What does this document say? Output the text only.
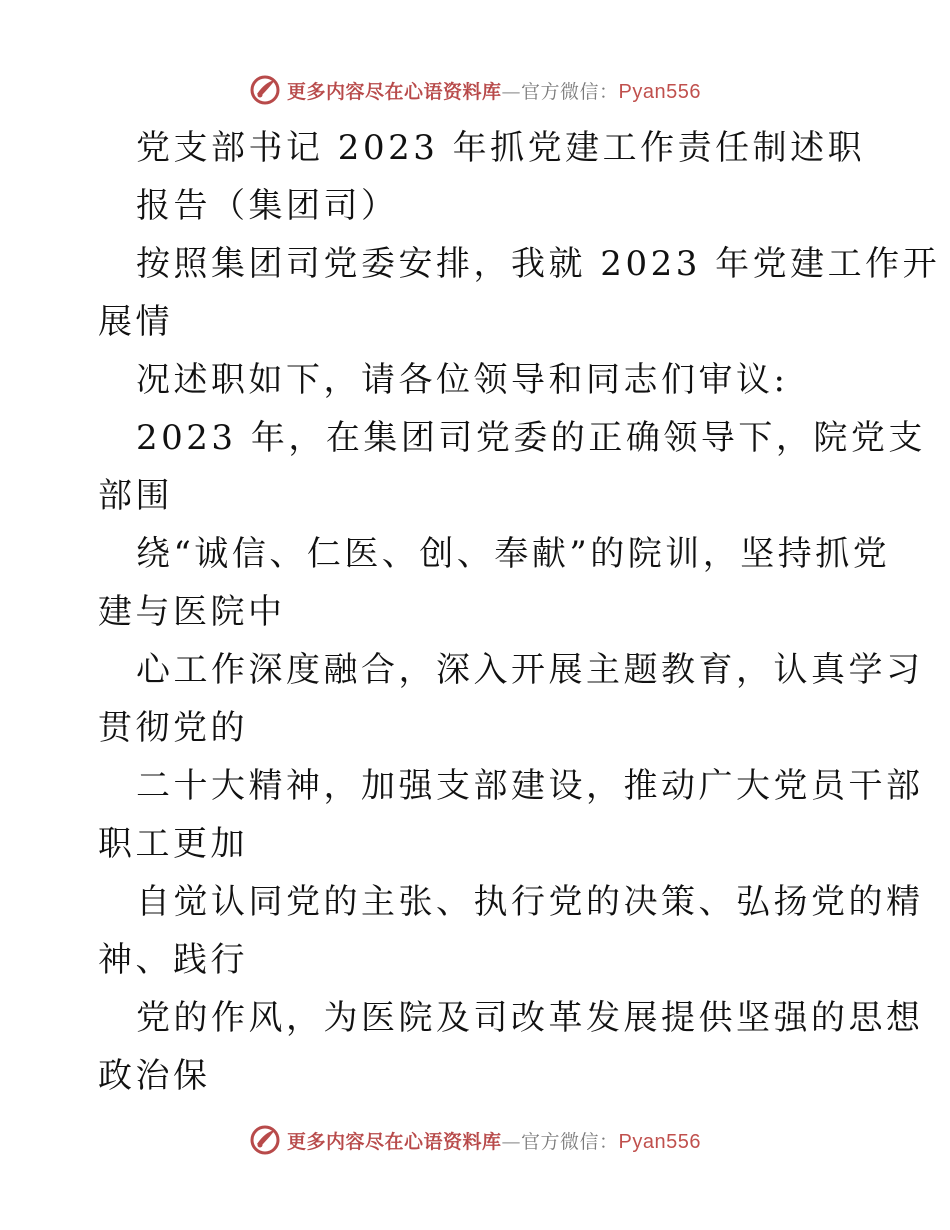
更多内容尽在心语资料库—官方微信：Pyan556
党支部书记 2023 年抓党建工作责任制述职
报告（集团司）
按照集团司党委安排，我就 2023 年党建工作开
展情
况述职如下，请各位领导和同志们审议:
2023 年，在集团司党委的正确领导下，院党支
部围
绕“诚信、仁医、创、奉献”的院训，坚持抓党
建与医院中
心工作深度融合，深入开展主题教育，认真学习
贯彻党的
二十大精神，加强支部建设，推动广大党员干部
职工更加
自觉认同党的主张、执行党的决策、弘扬党的精
神、践行
党的作风，为医院及司改革发展提供坚强的思想
政治保
更多内容尽在心语资料库—官方微信：Pyan556
